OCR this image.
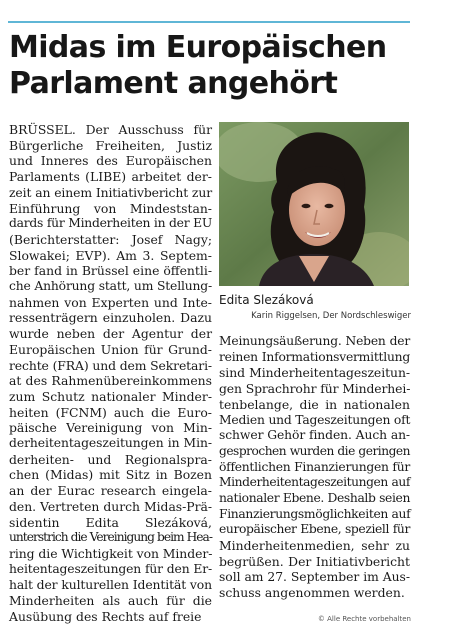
Midas im Europäischen Parlament angehört
BRÜSSEL. Der Ausschuss für
Bürgerliche Freiheiten, Justiz
und Inneres des Europäischen
Parlaments (LIBE) arbeitet der-
zeit an einem Initiativbericht zur
Einführung von Mindeststan-
dards für Minderheiten in der EU
(Berichterstatter: Josef Nagy;
Slowakei; EVP). Am 3. Septem-
ber fand in Brüssel eine öffentli-
che Anhörung statt, um Stellung-
nahmen von Experten und Inte-
ressenträgern einzuholen. Dazu
wurde neben der Agentur der
Europäischen Union für Grund-
rechte (FRA) und dem Sekretari-
at des Rahmenübereinkommens
zum Schutz nationaler Minder-
heiten (FCNM) auch die Euro-
päische Vereinigung von Min-
derheitentageszeitungen in Min-
derheiten- und Regionalspra-
chen (Midas) mit Sitz in Bozen
an der Eurac research eingela-
den. Vertreten durch Midas-Prä-
sidentin Edita Slezáková,
unterstrich die Vereinigung beim Hea-
ring die Wichtigkeit von Minder-
heitentageszeitungen für den Er-
halt der kulturellen Identität von
Minderheiten als auch für die
Ausübung des Rechts auf freie
Edita Slezáková
Karin Riggelsen, Der Nordschleswiger
Meinungsäußerung. Neben der
reinen Informationsvermittlung
sind Minderheitentageszeitun-
gen Sprachrohr für Minderhei-
tenbelange, die in nationalen
Medien und Tageszeitungen oft
schwer Gehör finden. Auch an-
gesprochen wurden die geringen
öffentlichen Finanzierungen für
Minderheitentageszeitungen auf
nationaler Ebene. Deshalb seien
Finanzierungsmöglichkeiten auf
europäischer Ebene, speziell für
Minderheitenmedien, sehr zu
begrüßen. Der Initiativbericht
soll am 27. September im Aus-
schuss angenommen werden.
© Alle Rechte vorbehalten
